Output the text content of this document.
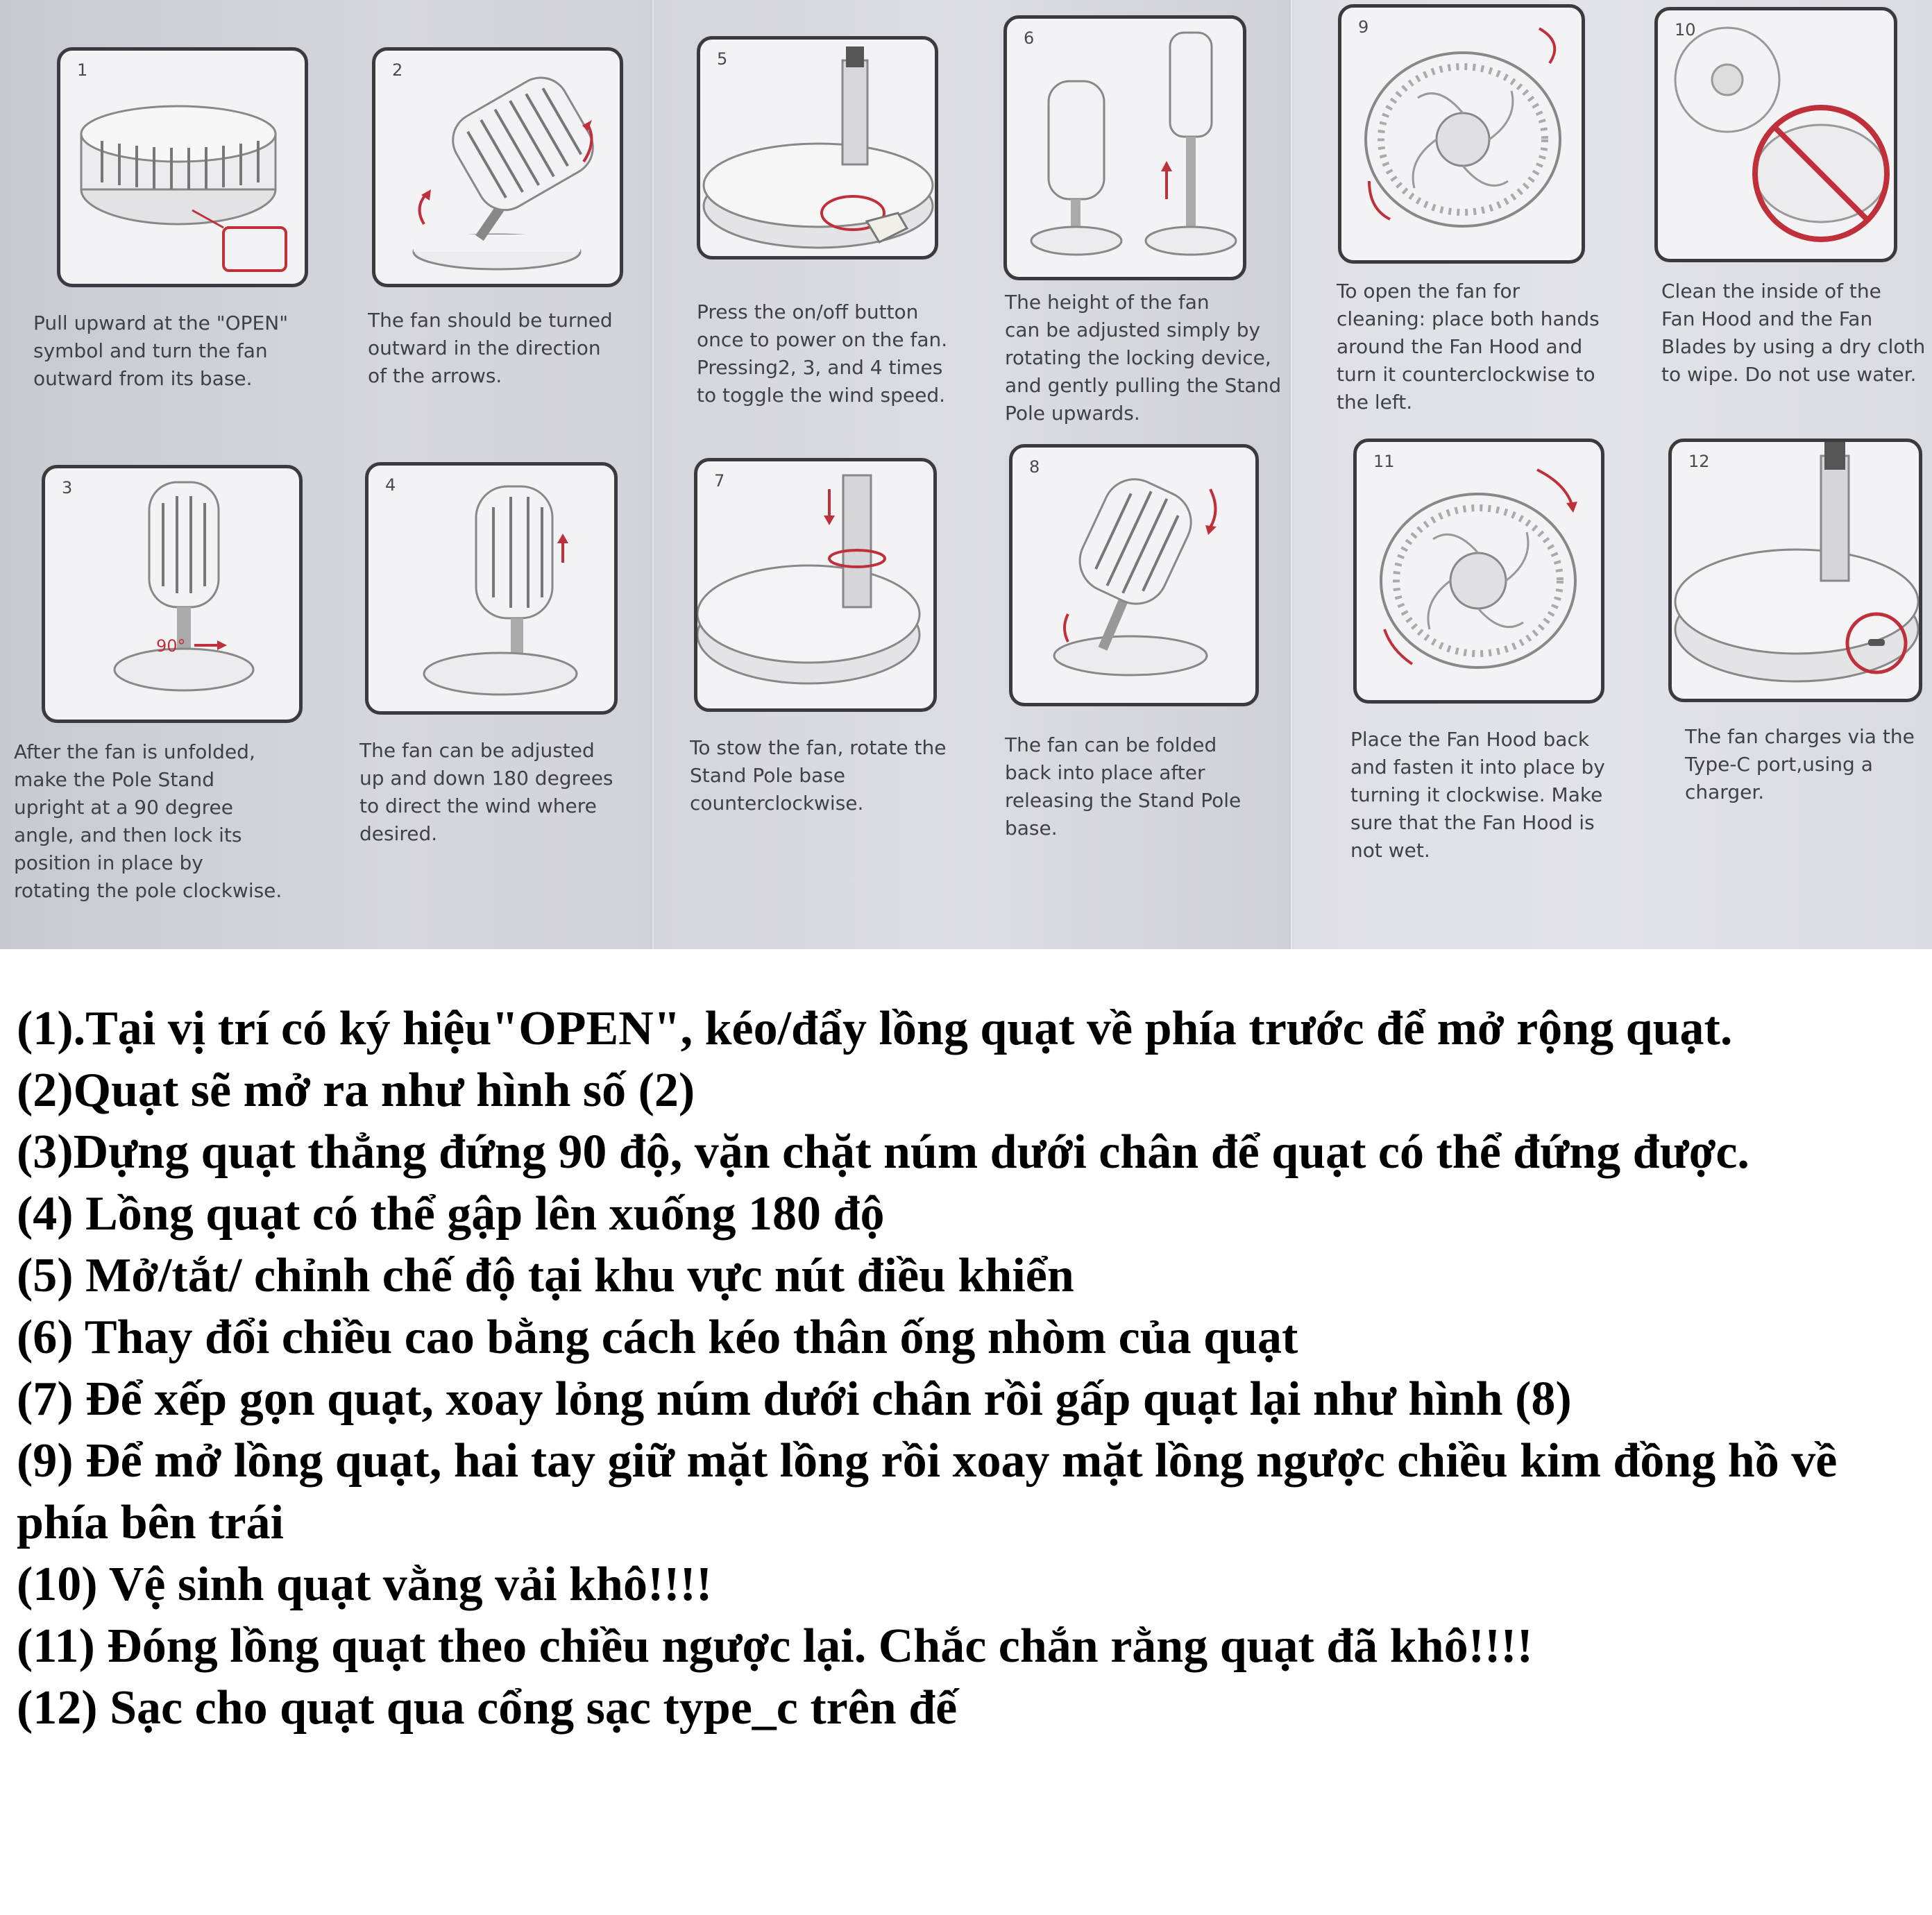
1	2
5
6
9	10
Pull upward at the "OPEN"
symbol and turn the fan
outward from its base.
The fan should be turned
outward in the direction
of the arrows.
Press the on/off button
once to power on the fan.
Pressing2, 3, and 4 times
to toggle the wind speed.
The height of the fan
can be adjusted simply by
rotating the locking device,
and gently pulling the Stand
Pole upwards.
To open the fan for
cleaning: place both hands
around the Fan Hood and
turn it counterclockwise to
the left.
Clean the inside of the
Fan Hood and the Fan
Blades by using a dry cloth
to wipe. Do not use water.
3
90°
4	7
8	11	12
After the fan is unfolded,
make the Pole Stand
upright at a 90 degree
angle, and then lock its
position in place by
rotating the pole clockwise.
The fan can be adjusted
up and down 180 degrees
to direct the wind where
desired.
To stow the fan, rotate the
Stand Pole base
counterclockwise.
The fan can be folded
back into place after
releasing the Stand Pole
base.
Place the Fan Hood back
and fasten it into place by
turning it clockwise. Make
sure that the Fan Hood is
not wet.
The fan charges via the
Type-C port,using a
charger.

(1).Tại vị trí có ký hiệu"OPEN", kéo/đẩy lồng quạt về phía trước để mở rộng quạt.

(2)Quạt sẽ mở ra như hình số (2)

(3)Dựng quạt thẳng đứng 90 độ, vặn chặt núm dưới chân để quạt có thể đứng được.

(4) Lồng quạt có thể gập lên xuống 180 độ

(5) Mở/tắt/ chỉnh chế độ tại khu vực nút điều khiển

(6) Thay đổi chiều cao bằng cách kéo thân ống nhòm của quạt

(7) Để xếp gọn quạt, xoay lỏng núm dưới chân rồi gấp quạt lại như hình (8)

(9) Để mở lồng quạt, hai tay giữ mặt lồng rồi xoay mặt lồng ngược chiều kim đồng hồ về phía bên trái

(10) Vệ sinh quạt vằng vải khô!!!!

(11) Đóng lồng quạt theo chiều ngược lại. Chắc chắn rằng quạt đã khô!!!!

(12) Sạc cho quạt qua cổng sạc type_c trên đế
